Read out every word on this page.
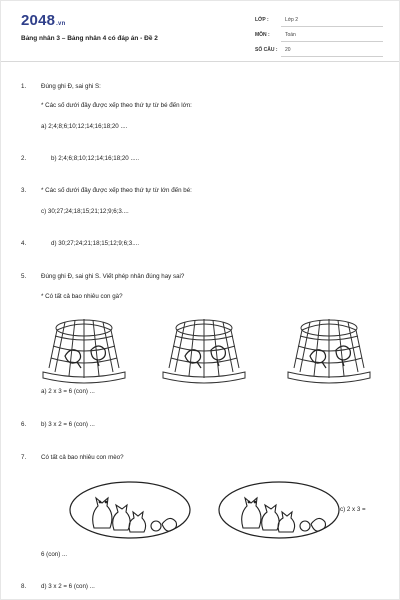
2048.vn
Bảng nhân 3 – Bảng nhân 4 có đáp án - Đề 2
LỚP :	Lớp 2
MÔN :	Toán
SỐ CÂU : 20
1. Đúng ghi Đ, sai ghi S:
* Các số dưới đây được xếp theo thứ tự từ bé đến lớn:
a) 2;4;8;6;10;12;14;16;18;20 ....
2.	b) 2;4;6;8;10;12;14;16;18;20 .....
3. * Các số dưới đây được xếp theo thứ tự từ lớn đến bé:
c) 30;27;24;18;15;21;12;9;6;3....
4.	d) 30;27;24;21;18;15;12;9;6;3....
5. Đúng ghi Đ, sai ghi S. Viết phép nhân đúng hay sai?
* Có tất cả bao nhiêu con gà?
a) 2 x 3 = 6 (con) ...
6. b) 3 x 2 = 6 (con) ...
7. Có tất cả bao nhiêu con mèo?
c) 2 x 3 =
6 (con) ...
8. d) 3 x 2 = 6 (con) ...
